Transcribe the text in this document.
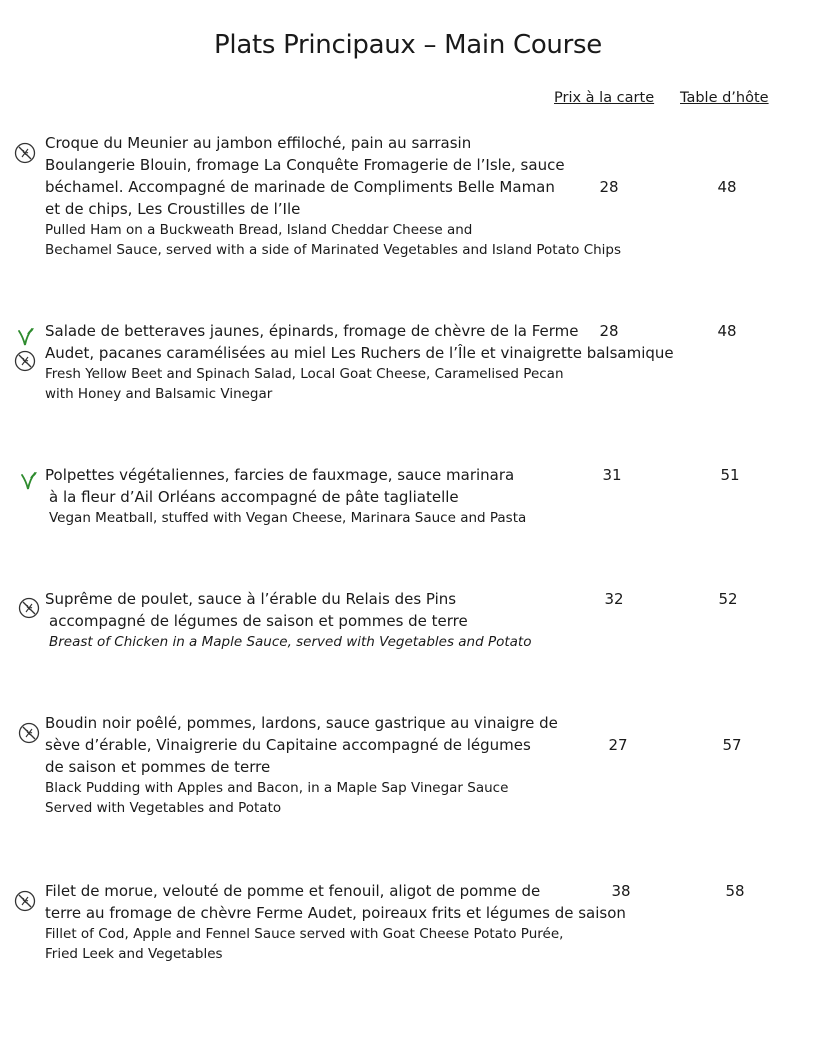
Plats Principaux – Main Course
Prix à la carte Table d’hôte
Croque du Meunier au jambon effiloché, pain au sarrasin
Boulangerie Blouin, fromage La Conquête Fromagerie de l’Isle, sauce
béchamel. Accompagné de marinade de Compliments Belle Maman
et de chips, Les Croustilles de l’Ile
Pulled Ham on a Buckweath Bread, Island Cheddar Cheese and
Bechamel Sauce, served with a side of Marinated Vegetables and Island Potato Chips
28	48
Salade de betteraves jaunes, épinards, fromage de chèvre de la Ferme
Audet, pacanes caramélisées au miel Les Ruchers de l’Île et vinaigrette balsamique
Fresh Yellow Beet and Spinach Salad, Local Goat Cheese, Caramelised Pecan
with Honey and Balsamic Vinegar
28	48
Polpettes végétaliennes, farcies de fauxmage, sauce marinara
à la fleur d’Ail Orléans accompagné de pâte tagliatelle
Vegan Meatball, stuffed with Vegan Cheese, Marinara Sauce and Pasta
31	51
Suprême de poulet, sauce à l’érable du Relais des Pins
accompagné de légumes de saison et pommes de terre
Breast of Chicken in a Maple Sauce, served with Vegetables and Potato
32	52
Boudin noir poêlé, pommes, lardons, sauce gastrique au vinaigre de
sève d’érable, Vinaigrerie du Capitaine accompagné de légumes
de saison et pommes de terre
Black Pudding with Apples and Bacon, in a Maple Sap Vinegar Sauce
Served with Vegetables and Potato
27	57
Filet de morue, velouté de pomme et fenouil, aligot de pomme de
terre au fromage de chèvre Ferme Audet, poireaux frits et légumes de saison
Fillet of Cod, Apple and Fennel Sauce served with Goat Cheese Potato Purée,
Fried Leek and Vegetables
38	58
